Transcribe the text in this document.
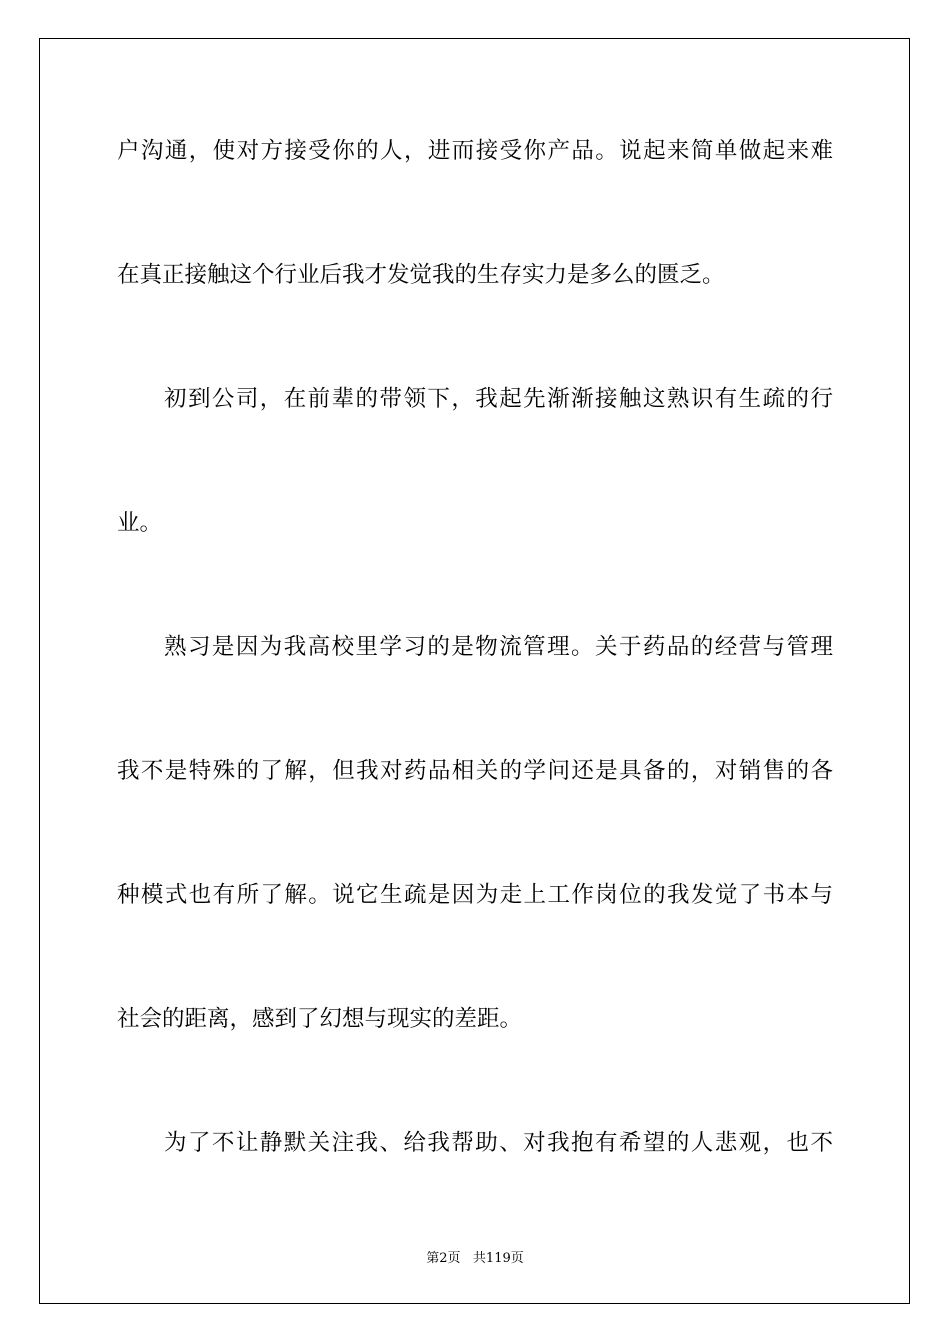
户沟通，使对方接受你的人，进而接受你产品。说起来简单做起来难
在真正接触这个行业后我才发觉我的生存实力是多么的匮乏。
初到公司，在前辈的带领下，我起先渐渐接触这熟识有生疏的行
业。
熟习是因为我高校里学习的是物流管理。关于药品的经营与管理
我不是特殊的了解，但我对药品相关的学问还是具备的，对销售的各
种模式也有所了解。说它生疏是因为走上工作岗位的我发觉了书本与
社会的距离，感到了幻想与现实的差距。
为了不让静默关注我、给我帮助、对我抱有希望的人悲观，也不
第2页   共119页
